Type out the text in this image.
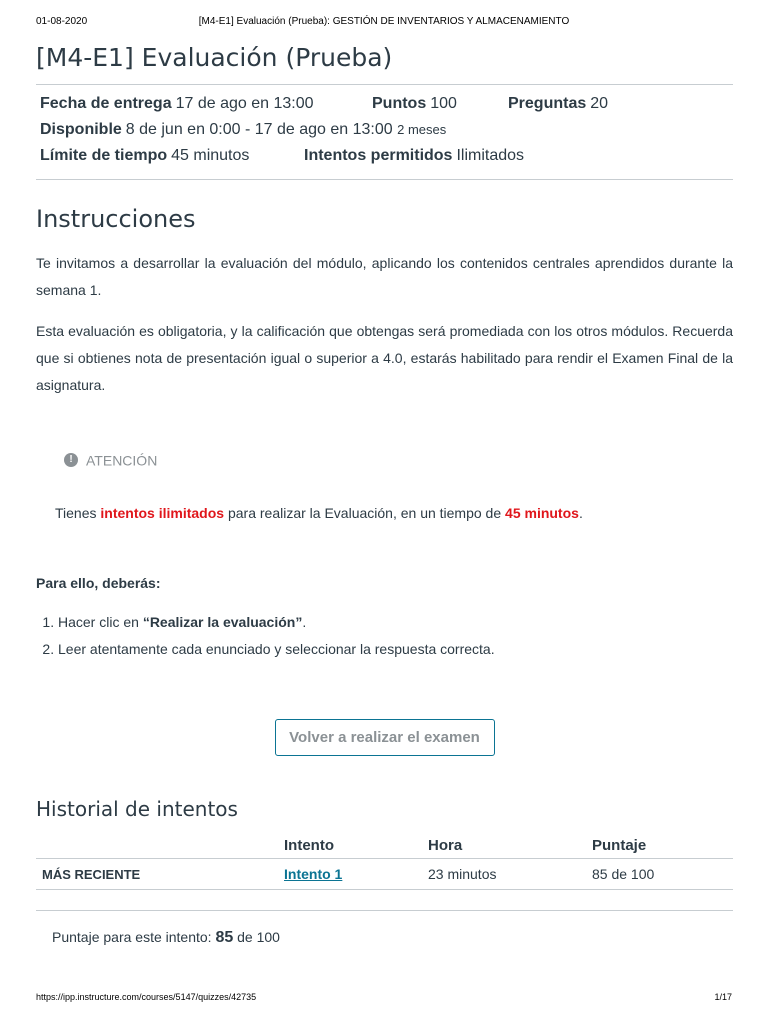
01-08-2020	[M4-E1] Evaluación (Prueba): GESTIÓN DE INVENTARIOS Y ALMACENAMIENTO
[M4-E1] Evaluación (Prueba)
Fecha de entrega 17 de ago en 13:00	Puntos 100	Preguntas 20
Disponible 8 de jun en 0:00 - 17 de ago en 13:00 2 meses
Límite de tiempo 45 minutos	Intentos permitidos Ilimitados
Instrucciones

Te invitamos a desarrollar la evaluación del módulo, aplicando los contenidos centrales aprendidos durante la semana 1.

Esta evaluación es obligatoria, y la calificación que obtengas será promediada con los otros módulos. Recuerda que si obtienes nota de presentación igual o superior a 4.0, estarás habilitado para rendir el Examen Final de la asignatura.

! ATENCIÓN
Tienes intentos ilimitados para realizar la Evaluación, en un tiempo de 45 minutos.
Para ello, deberás:
1. Hacer clic en “Realizar la evaluación”.
2. Leer atentamente cada enunciado y seleccionar la respuesta correcta.
Volver a realizar el examen
Historial de intentos
	Intento	Hora	Puntaje
MÁS RECIENTE	Intento 1	23 minutos	85 de 100
Puntaje para este intento: 85 de 100
https://ipp.instructure.com/courses/5147/quizzes/42735	1/17
